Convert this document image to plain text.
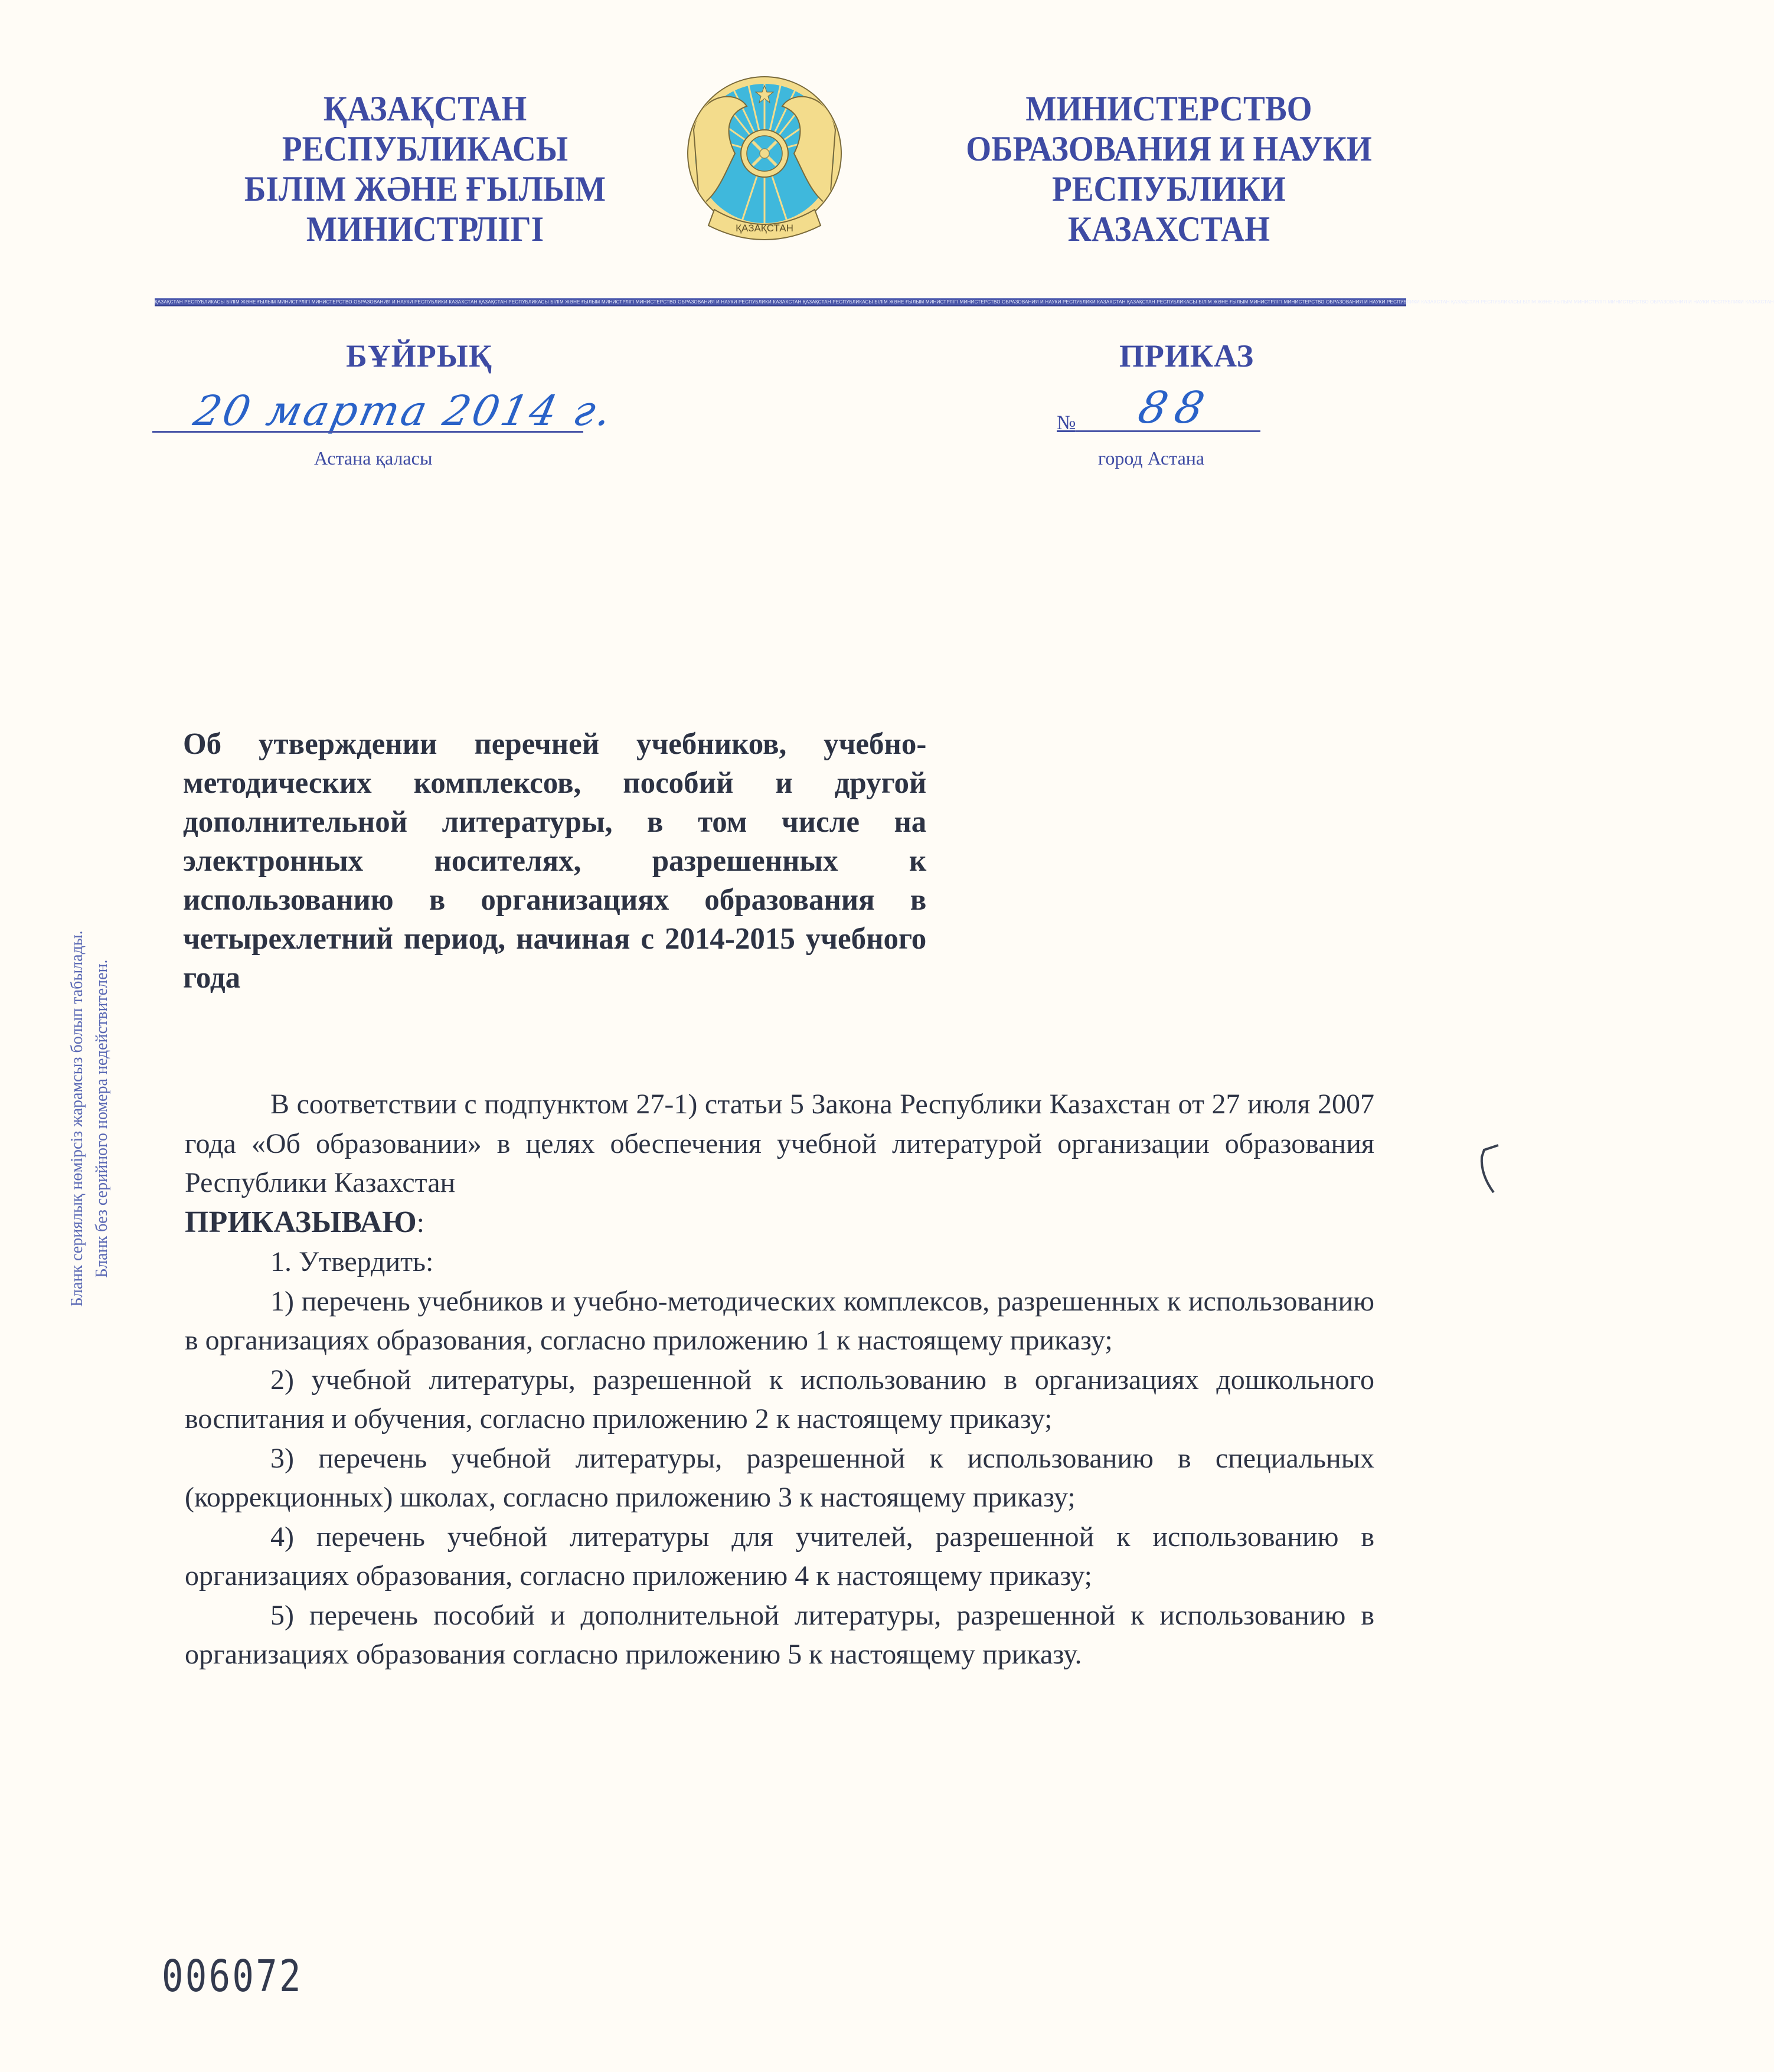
ҚАЗАҚСТАН
РЕСПУБЛИКАСЫ
БІЛІМ ЖӘНЕ ҒЫЛЫМ
МИНИСТРЛІГІ	ҚАЗАҚСТАН
МИНИСТЕРСТВО
ОБРАЗОВАНИЯ И НАУКИ
РЕСПУБЛИКИ
КАЗАХСТАН
ҚАЗАҚСТАН РЕСПУБЛИКАСЫ БІЛІМ ЖӘНЕ ҒЫЛЫМ МИНИСТРЛІГІ МИНИСТЕРСТВО ОБРАЗОВАНИЯ И НАУКИ РЕСПУБЛИКИ КАЗАХСТАН ҚАЗАҚСТАН РЕСПУБЛИКАСЫ БІЛІМ ЖӘНЕ ҒЫЛЫМ МИНИСТРЛІГІ МИНИСТЕРСТВО ОБРАЗОВАНИЯ И НАУКИ РЕСПУБЛИКИ КАЗАХСТАН ҚАЗАҚСТАН РЕСПУБЛИКАСЫ БІЛІМ ЖӘНЕ ҒЫЛЫМ МИНИСТРЛІГІ МИНИСТЕРСТВО ОБРАЗОВАНИЯ И НАУКИ РЕСПУБЛИКИ КАЗАХСТАН ҚАЗАҚСТАН РЕСПУБЛИКАСЫ БІЛІМ ЖӘНЕ ҒЫЛЫМ МИНИСТРЛІГІ МИНИСТЕРСТВО ОБРАЗОВАНИЯ И НАУКИ РЕСПУБЛИКИ КАЗАХСТАН ҚАЗАҚСТАН РЕСПУБЛИКАСЫ БІЛІМ ЖӘНЕ ҒЫЛЫМ МИНИСТРЛІГІ МИНИСТЕРСТВО ОБРАЗОВАНИЯ И НАУКИ РЕСПУБЛИКИ КАЗАХСТАН
БҰЙРЫҚ	ПРИКАЗ
20 марта 2014 г.
Астана қаласы
№ 88
город Астана
Бланк сериялық нөмірсіз жарамсыз болып табылады. Бланк без серийного номера недействителен.
Об утверждении перечней учебников, учебно-методических комплексов, пособий и другой дополнительной литературы, в том числе на электронных носителях, разрешенных к использованию в организациях образования в четырехлетний период, начиная с 2014-2015 учебного года

В соответствии с подпунктом 27-1) статьи 5 Закона Республики Казахстан от 27 июля 2007 года «Об образовании» в целях обеспечения учебной литературой организации образования Республики Казахстан

ПРИКАЗЫВАЮ:

1. Утвердить:

1) перечень учебников и учебно-методических комплексов, разрешенных к использованию в организациях образования, согласно приложению 1 к настоящему приказу;

2) учебной литературы, разрешенной к использованию в организациях дошкольного воспитания и обучения, согласно приложению 2 к настоящему приказу;

3) перечень учебной литературы, разрешенной к использованию в специальных (коррекционных) школах, согласно приложению 3 к настоящему приказу;

4) перечень учебной литературы для учителей, разрешенной к использованию в организациях образования, согласно приложению 4 к настоящему приказу;

5) перечень пособий и дополнительной литературы, разрешенной к использованию в организациях образования согласно приложению 5 к настоящему приказу.

006072
